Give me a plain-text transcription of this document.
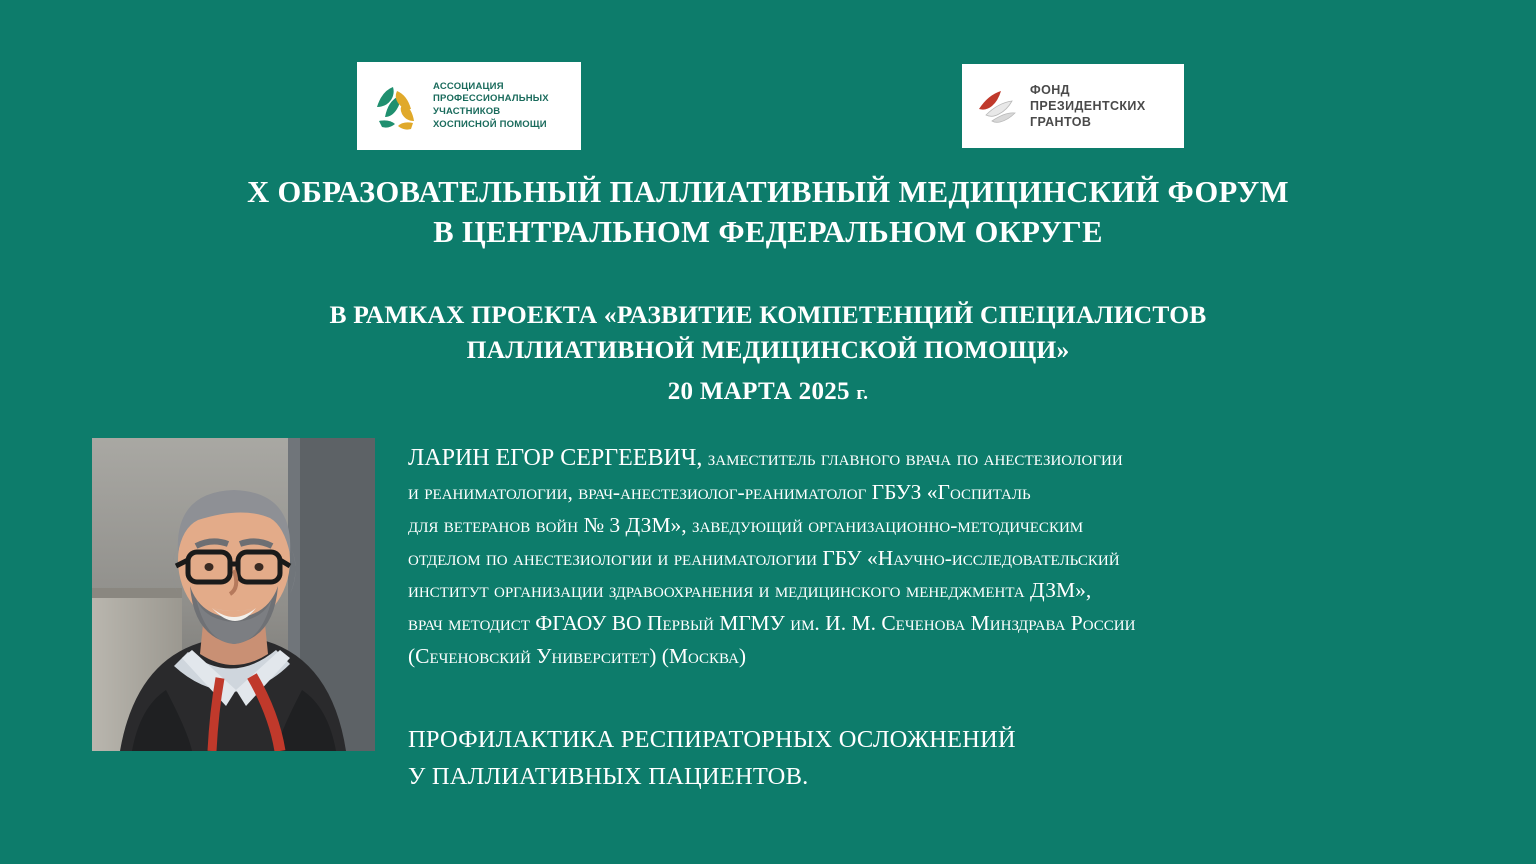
АССОЦИАЦИЯ
ПРОФЕССИОНАЛЬНЫХ
УЧАСТНИКОВ
ХОСПИСНОЙ ПОМОЩИ
ФОНД
ПРЕЗИДЕНТСКИХ
ГРАНТОВ
X ОБРАЗОВАТЕЛЬНЫЙ ПАЛЛИАТИВНЫЙ МЕДИЦИНСКИЙ ФОРУМ
В ЦЕНТРАЛЬНОМ ФЕДЕРАЛЬНОМ ОКРУГЕ
В РАМКАХ ПРОЕКТА «РАЗВИТИЕ КОМПЕТЕНЦИЙ СПЕЦИАЛИСТОВ
ПАЛЛИАТИВНОЙ МЕДИЦИНСКОЙ ПОМОЩИ»
20 МАРТА 2025 г.

ЛАРИН ЕГОР СЕРГЕЕВИЧ, заместитель главного врача по анестезиологии

и реаниматологии, врач-анестезиолог-реаниматолог ГБУЗ «Госпиталь

для ветеранов войн № 3 ДЗМ», заведующий организационно-методическим

отделом по анестезиологии и реаниматологии ГБУ «Научно-исследовательский

институт организации здравоохранения и медицинского менеджмента ДЗМ»,

врач методист ФГАОУ ВО Первый МГМУ им. И. М. Сеченова Минздрава России

(Сеченовский Университет) (Москва)

ПРОФИЛАКТИКА РЕСПИРАТОРНЫХ ОСЛОЖНЕНИЙ

У ПАЛЛИАТИВНЫХ ПАЦИЕНТОВ.
